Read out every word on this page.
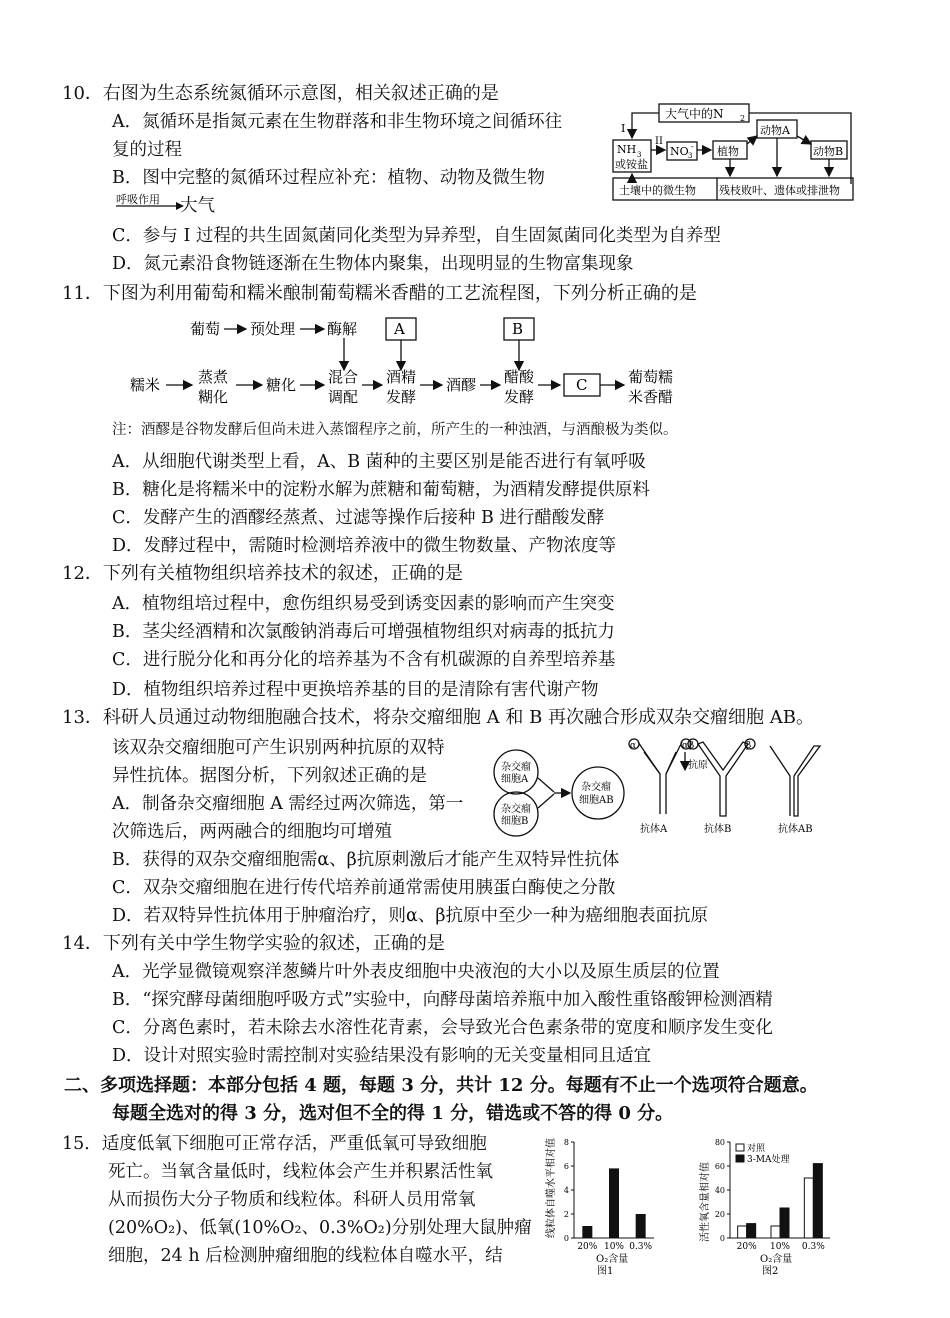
10．右图为生态系统氮循环示意图，相关叙述正确的是
A．氮循环是指氮元素在生物群落和非生物环境之间循环往
复的过程
B．图中完整的氮循环过程应补充：植物、动物及微生物
呼吸作用 大气
C．参与 I 过程的共生固氮菌同化类型为异养型，自生固氮菌同化类型为自养型
D．氮元素沿食物链逐渐在生物体内聚集，出现明显的生物富集现象
大气中的N 2
NH 3
或铵盐
I
NO 3
-
II
植物
动物A
动物B
土壤中的微生物 残枝败叶、遗体或排泄物
11．下图为利用葡萄和糯米酿制葡萄糯米香醋的工艺流程图，下列分析正确的是
葡萄 预处理 酶解 A	B
糯米	蒸煮
糊化
糖化 混合
调配
酒精
发酵
酒醪 醋酸
发酵
C	葡萄糯
米香醋
注：酒醪是谷物发酵后但尚未进入蒸馏程序之前，所产生的一种浊酒，与酒酿极为类似。
A．从细胞代谢类型上看，A、B 菌种的主要区别是能否进行有氧呼吸
B．糖化是将糯米中的淀粉水解为蔗糖和葡萄糖，为酒精发酵提供原料
C．发酵产生的酒醪经蒸煮、过滤等操作后接种 B 进行醋酸发酵
D．发酵过程中，需随时检测培养液中的微生物数量、产物浓度等
12．下列有关植物组织培养技术的叙述，正确的是
A．植物组培过程中，愈伤组织易受到诱变因素的影响而产生突变
B．茎尖经酒精和次氯酸钠消毒后可增强植物组织对病毒的抵抗力
C．进行脱分化和再分化的培养基为不含有机碳源的自养型培养基
D．植物组织培养过程中更换培养基的目的是清除有害代谢产物
13．科研人员通过动物细胞融合技术，将杂交瘤细胞 A 和 B 再次融合形成双杂交瘤细胞 AB。
该双杂交瘤细胞可产生识别两种抗原的双特
异性抗体。据图分析，下列叙述正确的是
A．制备杂交瘤细胞 A 需经过两次筛选，第一
次筛选后，两两融合的细胞均可增殖
杂交瘤
细胞A
杂交瘤
细胞B
杂交瘤
细胞AB
α	α
抗体A
抗原
β	β
抗体B	抗体AB
B．获得的双杂交瘤细胞需α、β抗原刺激后才能产生双特异性抗体
C．双杂交瘤细胞在进行传代培养前通常需使用胰蛋白酶使之分散
D．若双特异性抗体用于肿瘤治疗，则α、β抗原中至少一种为癌细胞表面抗原
14．下列有关中学生物学实验的叙述，正确的是
A．光学显微镜观察洋葱鳞片叶外表皮细胞中央液泡的大小以及原生质层的位置
B．“探究酵母菌细胞呼吸方式”实验中，向酵母菌培养瓶中加入酸性重铬酸钾检测酒精
C．分离色素时，若未除去水溶性花青素，会导致光合色素条带的宽度和顺序发生变化
D．设计对照实验时需控制对实验结果没有影响的无关变量相同且适宜
二、多项选择题：本部分包括 4 题，每题 3 分，共计 12 分。每题有不止一个选项符合题意。
每题全选对的得 3 分，选对但不全的得 1 分，错选或不答的得 0 分。
15．适度低氧下细胞可正常存活，严重低氧可导致细胞
死亡。当氧含量低时，线粒体会产生并积累活性氧
从而损伤大分子物质和线粒体。科研人员用常氧
(20%O₂)、低氧(10%O₂、0.3%O₂)分别处理大鼠肿瘤
细胞，24 h 后检测肿瘤细胞的线粒体自噬水平，结
线粒体自噬水平相对值
O₂含量
图1
0
2
4
6
8
20% 10% 0.3%
活性氧含量相对值
O₂含量
图2
0
20
40
60
80
20% 10% 0.3%
对照
3-MA处理
